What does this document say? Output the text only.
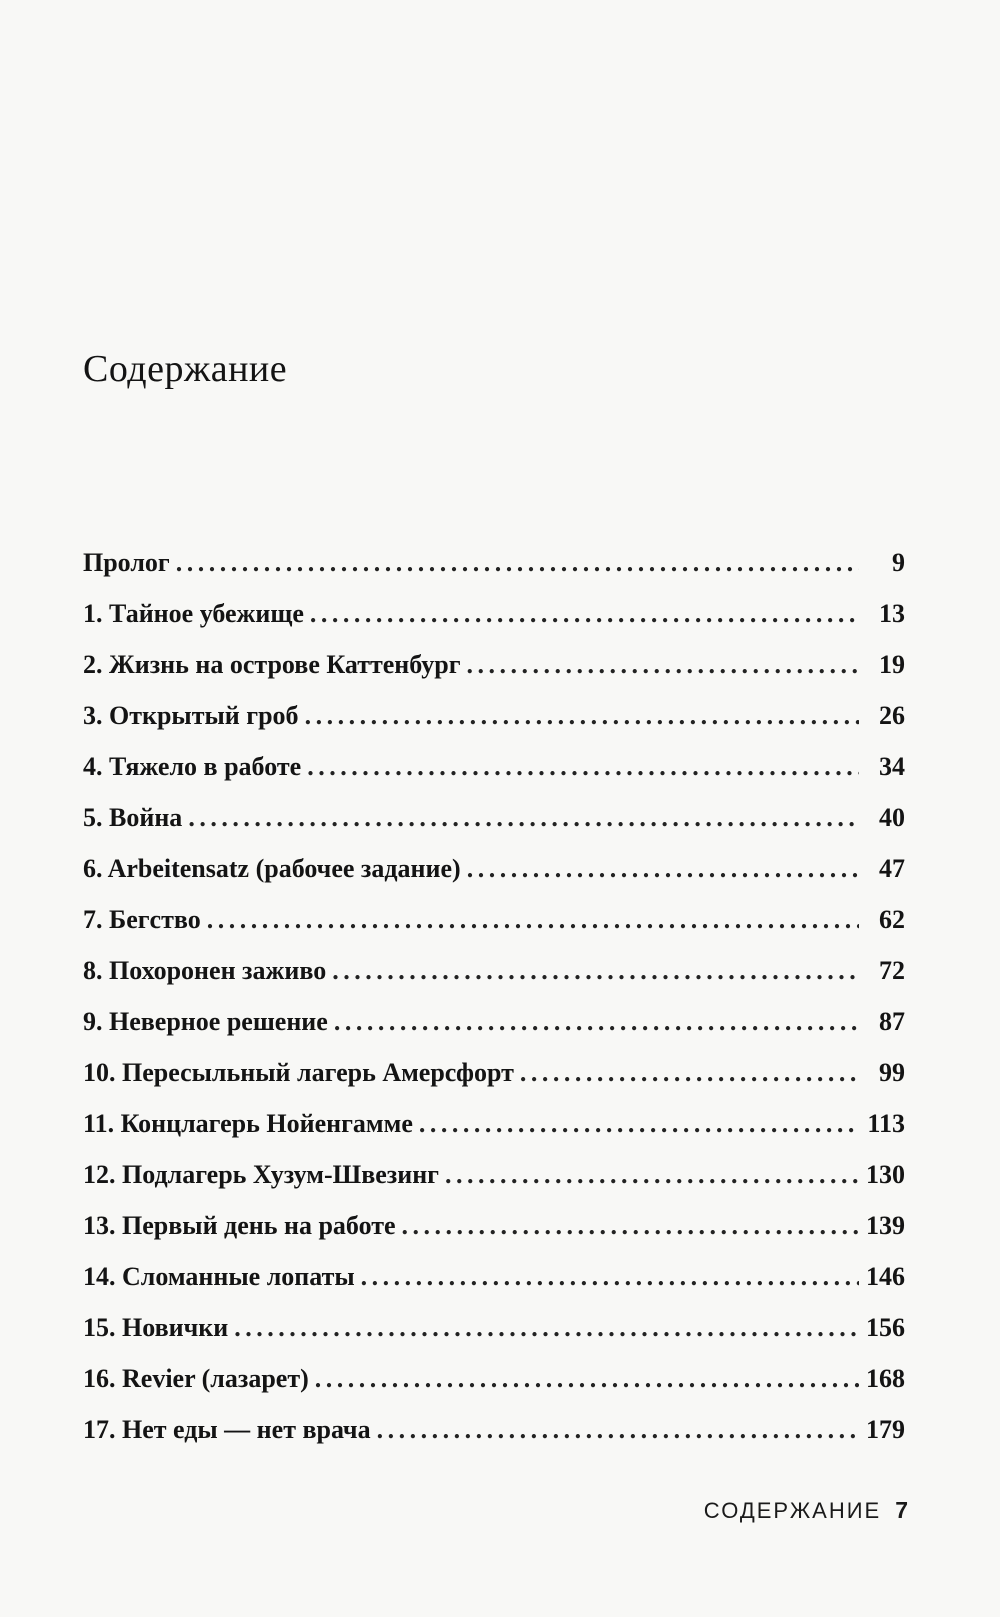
Содержание
Пролог . . .	9
1. Тайное убежище . . .	13
2. Жизнь на острове Каттенбург . . .	19
3. Открытый гроб . . .	26
4. Тяжело в работе . . .	34
5. Война . . .	40
6. Arbeitensatz (рабочее задание) . . .	47
7. Бегство . . .	62
8. Похоронен заживо . . .	72
9. Неверное решение . . .	87
10. Пересыльный лагерь Амерсфорт . . .	99
11. Концлагерь Нойенгамме . . .	113
12. Подлагерь Хузум-Швезинг . . .	130
13. Первый день на работе . . .	139
14. Сломанные лопаты . . .	146
15. Новички . . .	156
16. Revier (лазарет) . . .	168
17. Нет еды — нет врача . . .	179
СОДЕРЖАНИЕ 7
